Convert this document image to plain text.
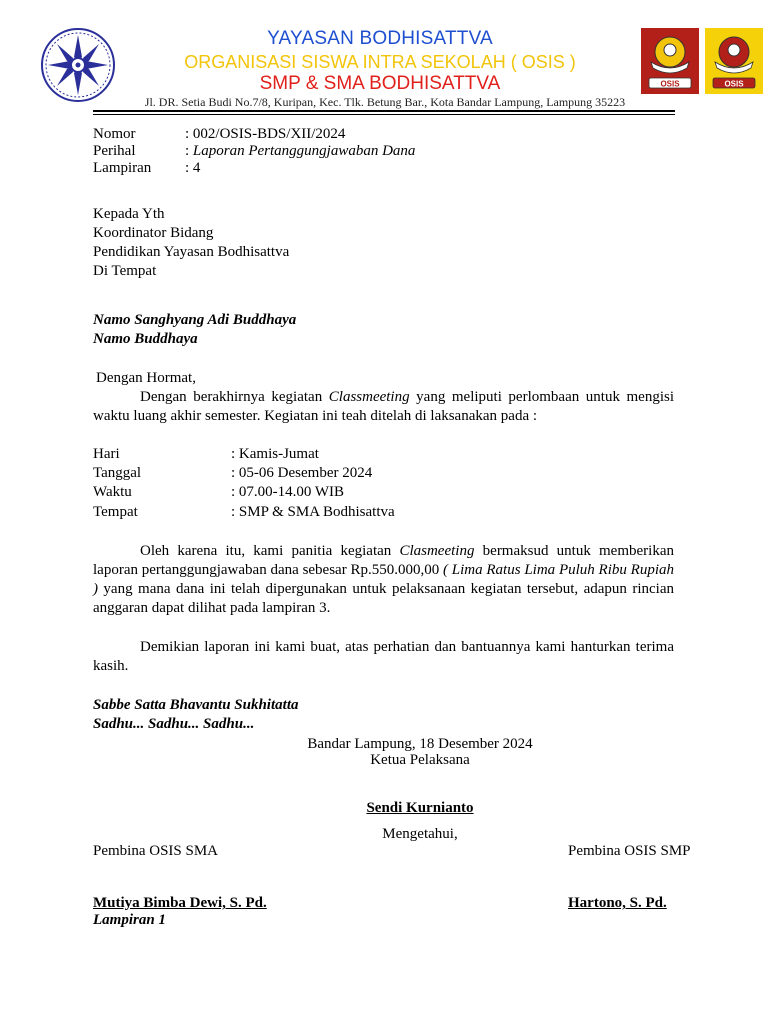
YAYASAN BODHISATTVA
ORGANISASI SISWA INTRA SEKOLAH ( OSIS )
SMP & SMA BODHISATTVA
Jl. DR. Setia Budi No.7/8, Kuripan, Kec. Tlk. Betung Bar., Kota Bandar Lampung, Lampung 35223
OSIS	OSIS
Nomor	: 002/OSIS-BDS/XII/2024
Perihal	: Laporan Pertanggungjawaban Dana
Lampiran : 4
Kepada Yth
Koordinator Bidang
Pendidikan Yayasan Bodhisattva
Di Tempat
Namo Sanghyang Adi Buddhaya
Namo Buddhaya
Dengan Hormat,
Dengan berakhirnya kegiatan Classmeeting yang meliputi perlombaan untuk mengisi waktu luang akhir semester. Kegiatan ini teah ditelah di laksanakan pada :
Hari	: Kamis-Jumat
Tanggal	: 05-06 Desember 2024
Waktu	: 07.00-14.00 WIB
Tempat	: SMP & SMA Bodhisattva
Oleh karena itu, kami panitia kegiatan Clasmeeting bermaksud untuk memberikan laporan pertanggungjawaban dana sebesar Rp.550.000,00 ( Lima Ratus Lima Puluh Ribu Rupiah ) yang mana dana ini telah dipergunakan untuk pelaksanaan kegiatan tersebut, adapun rincian anggaran dapat dilihat pada lampiran 3.
Demikian laporan ini kami buat, atas perhatian dan bantuannya kami hanturkan terima kasih.
Sabbe Satta Bhavantu Sukhitatta
Sadhu... Sadhu... Sadhu...
Bandar Lampung, 18 Desember 2024
Ketua Pelaksana
Sendi Kurnianto
Mengetahui,
Pembina OSIS SMA	Pembina OSIS SMP
Mutiya Bimba Dewi, S. Pd.	Hartono, S. Pd.
Lampiran 1
